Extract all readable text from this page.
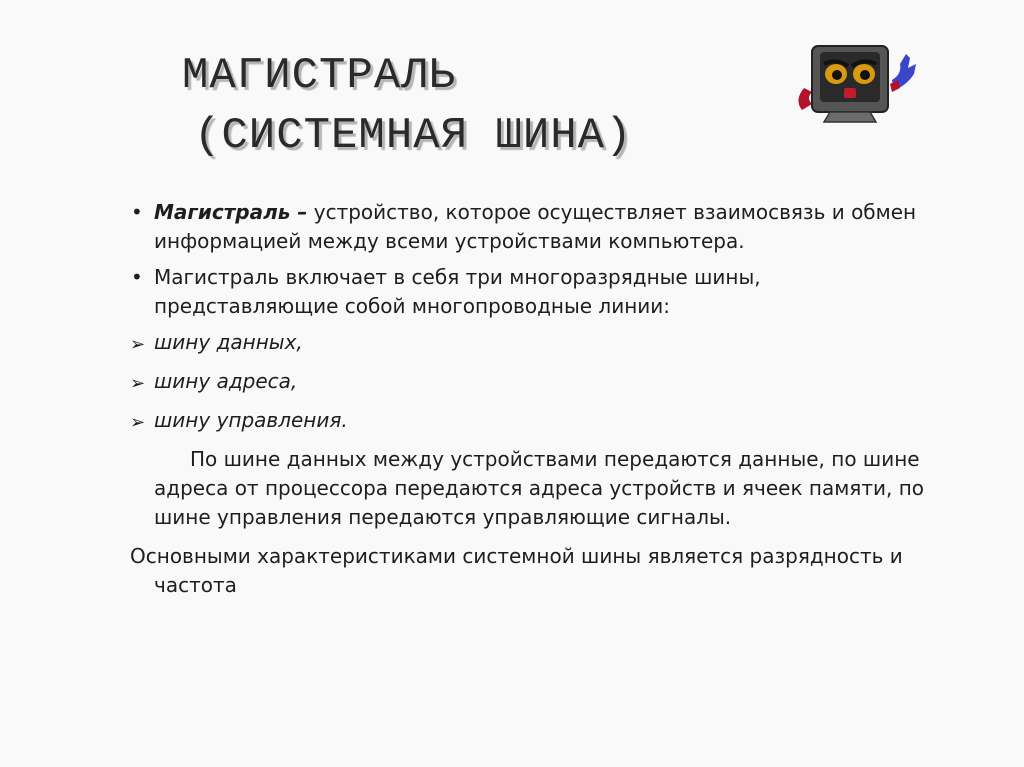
МАГИСТРАЛЬ
(СИСТЕМНАЯ ШИНА)

• Магистраль – устройство, которое осуществляет взаимосвязь и обмен информацией между всеми устройствами компьютера.

• Магистраль включает в себя три многоразрядные шины, представляющие собой многопроводные линии:

➢ шину данных,
➢ шину адреса,
➢ шину управления.

По шине данных между устройствами передаются данные, по шине адреса от процессора передаются адреса устройств и ячеек памяти, по шине управления передаются управляющие сигналы.

Основными характеристиками системной шины является разрядность и частота
